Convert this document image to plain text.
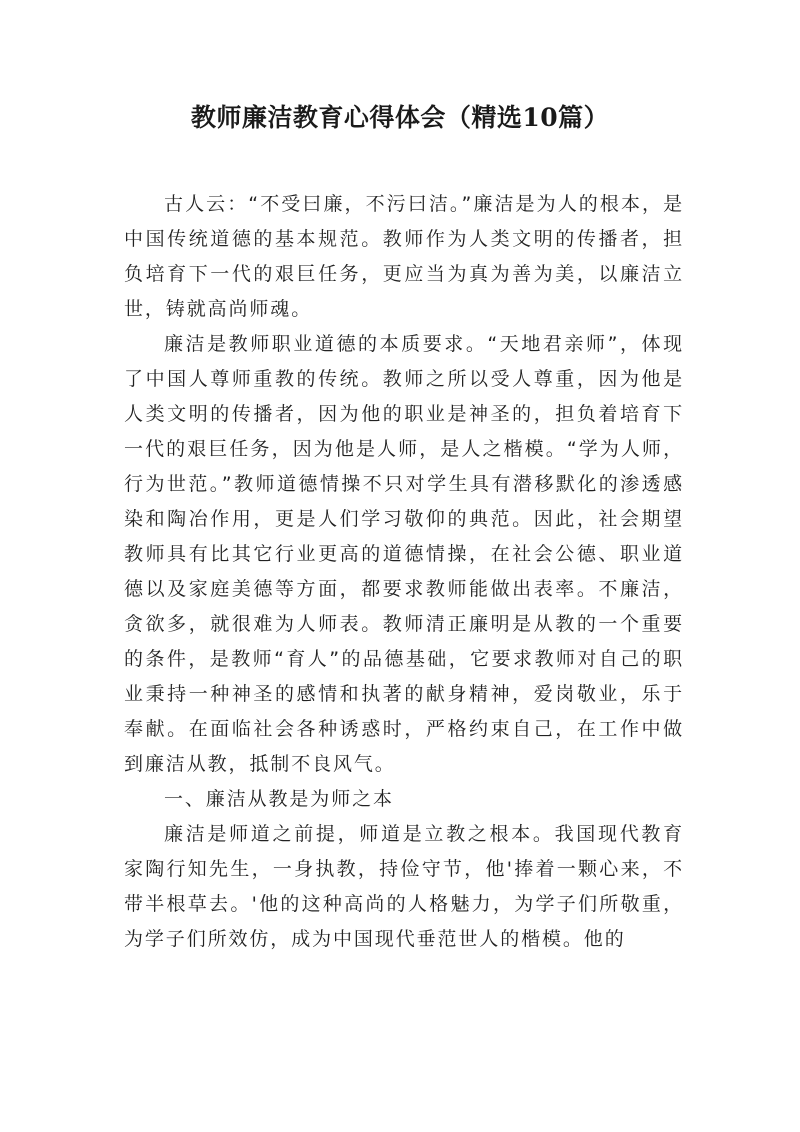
教师廉洁教育心得体会（精选10篇）

古人云：“不受曰廉，不污曰洁。”廉洁是为人的根本，是中国传统道德的基本规范。教师作为人类文明的传播者，担负培育下一代的艰巨任务，更应当为真为善为美，以廉洁立世，铸就高尚师魂。

廉洁是教师职业道德的本质要求。“天地君亲师”，体现了中国人尊师重教的传统。教师之所以受人尊重，因为他是人类文明的传播者，因为他的职业是神圣的，担负着培育下一代的艰巨任务，因为他是人师，是人之楷模。“学为人师，行为世范。”教师道德情操不只对学生具有潜移默化的渗透感染和陶冶作用，更是人们学习敬仰的典范。因此，社会期望教师具有比其它行业更高的道德情操，在社会公德、职业道德以及家庭美德等方面，都要求教师能做出表率。不廉洁，贪欲多，就很难为人师表。教师清正廉明是从教的一个重要的条件，是教师“育人”的品德基础，它要求教师对自己的职业秉持一种神圣的感情和执著的献身精神，爱岗敬业，乐于奉献。在面临社会各种诱惑时，严格约束自己，在工作中做到廉洁从教，抵制不良风气。

一、廉洁从教是为师之本

廉洁是师道之前提，师道是立教之根本。我国现代教育家陶行知先生，一身执教，持俭守节，他'捧着一颗心来，不带半根草去。'他的这种高尚的人格魅力，为学子们所敬重，为学子们所效仿，成为中国现代垂范世人的楷模。他的
